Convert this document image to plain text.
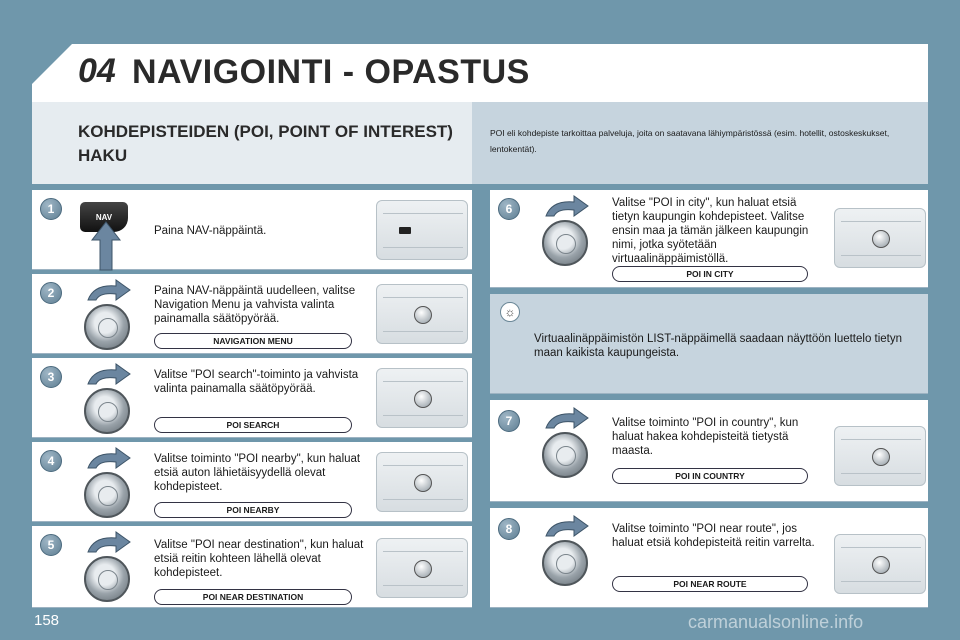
04 NAVIGOINTI - OPASTUS
KOHDEPISTEIDEN (POI, POINT OF INTEREST) HAKU
POI eli kohdepiste tarkoittaa palveluja, joita on saatavana lähiympäristössä (esim. hotellit, ostoskeskukset, lentokentät).
1
NAV
Paina NAV-näppäintä.
2	Paina NAV-näppäintä uudelleen, valitse Navigation Menu ja vahvista valinta painamalla säätöpyörää.
NAVIGATION MENU
3	Valitse "POI search"-toiminto ja vahvista valinta painamalla säätöpyörää.
POI SEARCH
4	Valitse toiminto "POI nearby", kun haluat etsiä auton lähietäisyydellä olevat kohdepisteet.
POI NEARBY
5	Valitse "POI near destination", kun haluat etsiä reitin kohteen lähellä olevat kohdepisteet.
POI NEAR DESTINATION
6	Valitse "POI in city", kun haluat etsiä tietyn kaupungin kohdepisteet. Valitse ensin maa ja tämän jälkeen kaupungin nimi, jotka syötetään virtuaalinäppäimistöllä.
POI IN CITY
☼
Virtuaalinäppäimistön LIST-näppäimellä saadaan näyttöön luettelo tietyn maan kaikista kaupungeista.
7	Valitse toiminto "POI in country", kun haluat hakea kohdepisteitä tietystä maasta.
POI IN COUNTRY
8	Valitse toiminto "POI near route", jos haluat etsiä kohdepisteitä reitin varrelta.
POI NEAR ROUTE
158	carmanualsonline.info
